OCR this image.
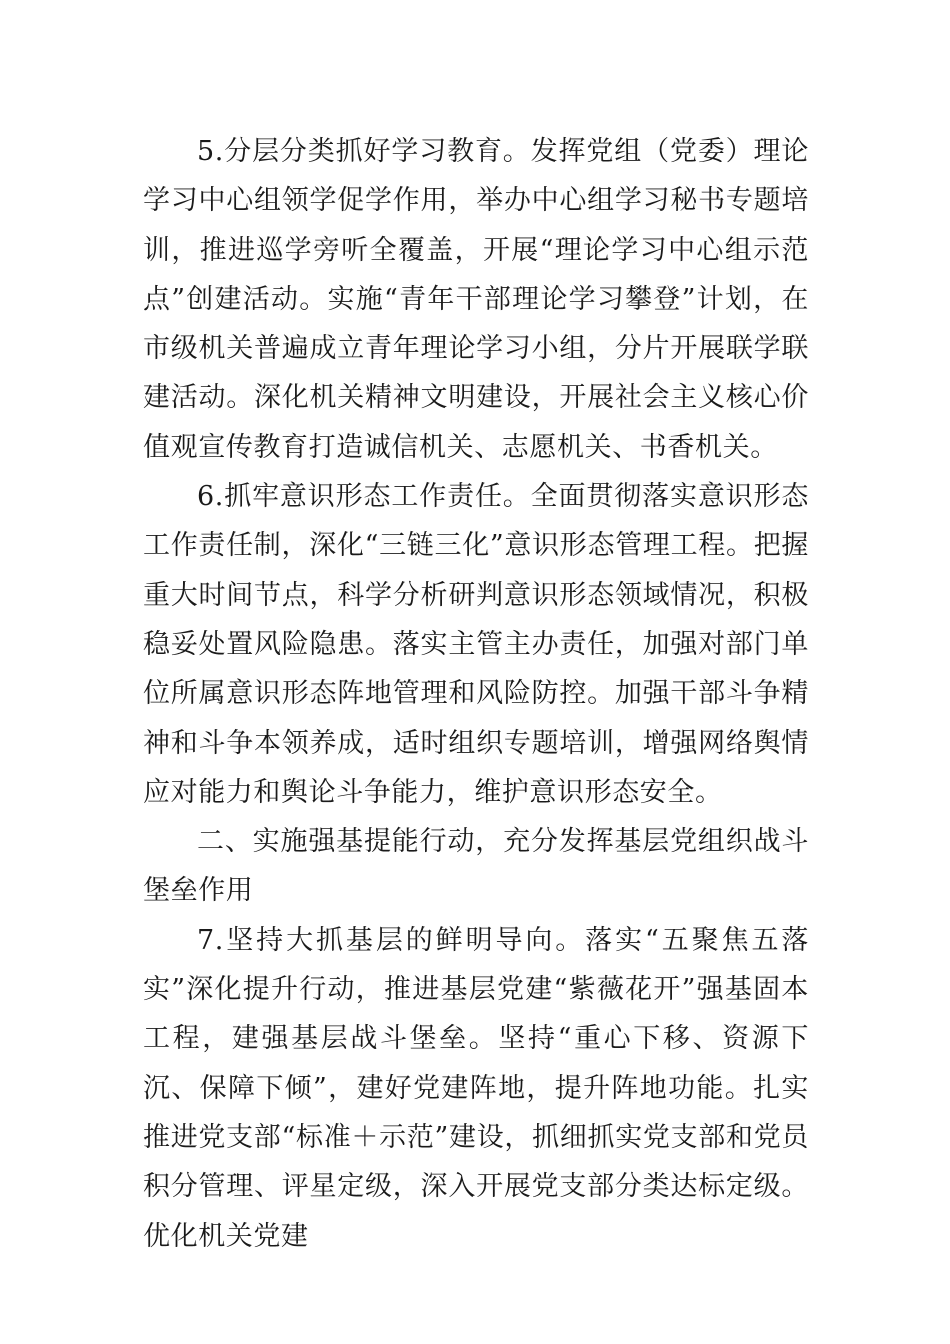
5.分层分类抓好学习教育。发挥党组（党委）理论学习中心组领学促学作用，举办中心组学习秘书专题培训，推进巡学旁听全覆盖，开展“理论学习中心组示范点”创建活动。实施“青年干部理论学习攀登”计划，在市级机关普遍成立青年理论学习小组，分片开展联学联建活动。深化机关精神文明建设，开展社会主义核心价值观宣传教育打造诚信机关、志愿机关、书香机关。

6.抓牢意识形态工作责任。全面贯彻落实意识形态工作责任制，深化“三链三化”意识形态管理工程。把握重大时间节点，科学分析研判意识形态领域情况，积极稳妥处置风险隐患。落实主管主办责任，加强对部门单位所属意识形态阵地管理和风险防控。加强干部斗争精神和斗争本领养成，适时组织专题培训，增强网络舆情应对能力和舆论斗争能力，维护意识形态安全。

二、实施强基提能行动，充分发挥基层党组织战斗堡垒作用

7.坚持大抓基层的鲜明导向。落实“五聚焦五落实”深化提升行动，推进基层党建“紫薇花开”强基固本工程，建强基层战斗堡垒。坚持“重心下移、资源下沉、保障下倾”，建好党建阵地，提升阵地功能。扎实推进党支部“标准＋示范”建设，抓细抓实党支部和党员积分管理、评星定级，深入开展党支部分类达标定级。优化机关党建
